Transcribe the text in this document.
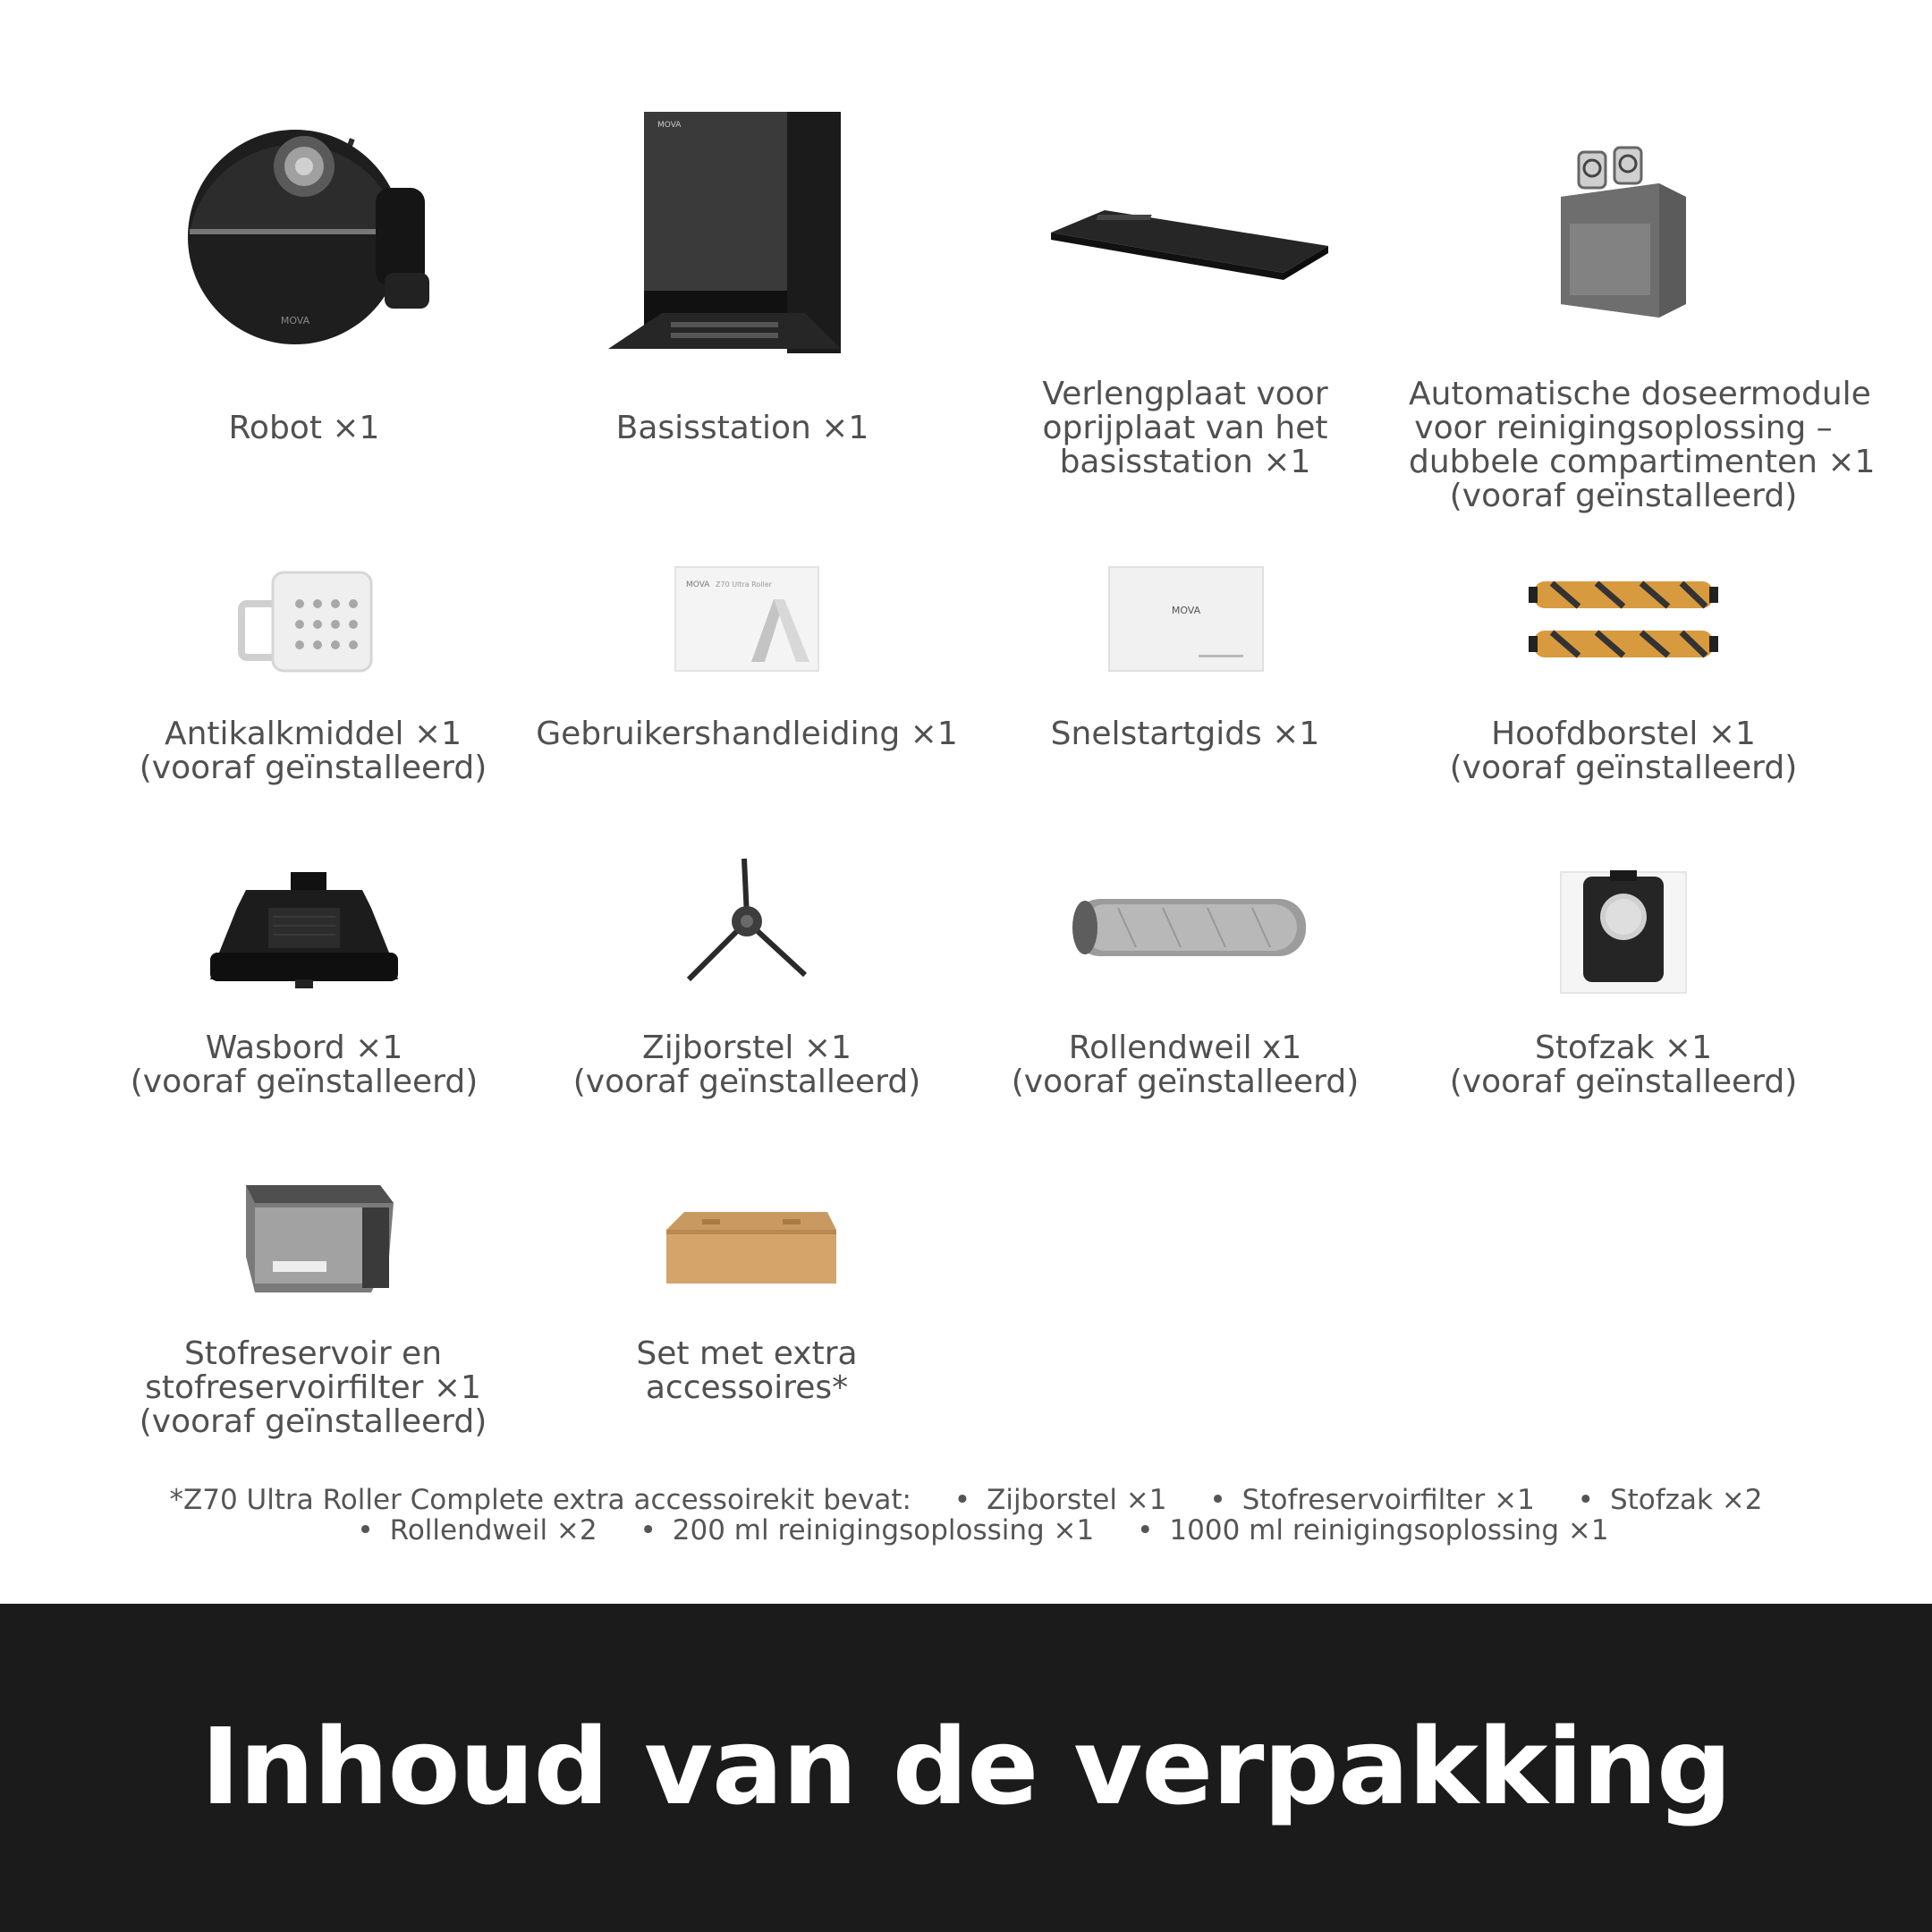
MOVA
Robot ×1
MOVA
Basisstation ×1
Verlengplaat voor
oprijplaat van het
basisstation ×1
Automatische doseermodule
voor reinigingsoplossing –
dubbele compartimenten ×1
(vooraf geïnstalleerd)
Antikalkmiddel ×1
(vooraf geïnstalleerd)
MOVA Z70 Ultra Roller
Gebruikershandleiding ×1
MOVA
Snelstartgids ×1	Hoofdborstel ×1
(vooraf geïnstalleerd)
Wasbord ×1
(vooraf geïnstalleerd)
Zijborstel ×1
(vooraf geïnstalleerd)
Rollendweil x1
(vooraf geïnstalleerd)
Stofzak ×1
(vooraf geïnstalleerd)
Stofreservoir en
stofreservoirfilter ×1
(vooraf geïnstalleerd)
Set met extra
accessoires*
*Z70 Ultra Roller Complete extra accessoirekit bevat: • Zijborstel ×1 • Stofreservoirfilter ×1 • Stofzak ×2
• Rollendweil ×2 • 200 ml reinigingsoplossing ×1 • 1000 ml reinigingsoplossing ×1
Inhoud van de verpakking
